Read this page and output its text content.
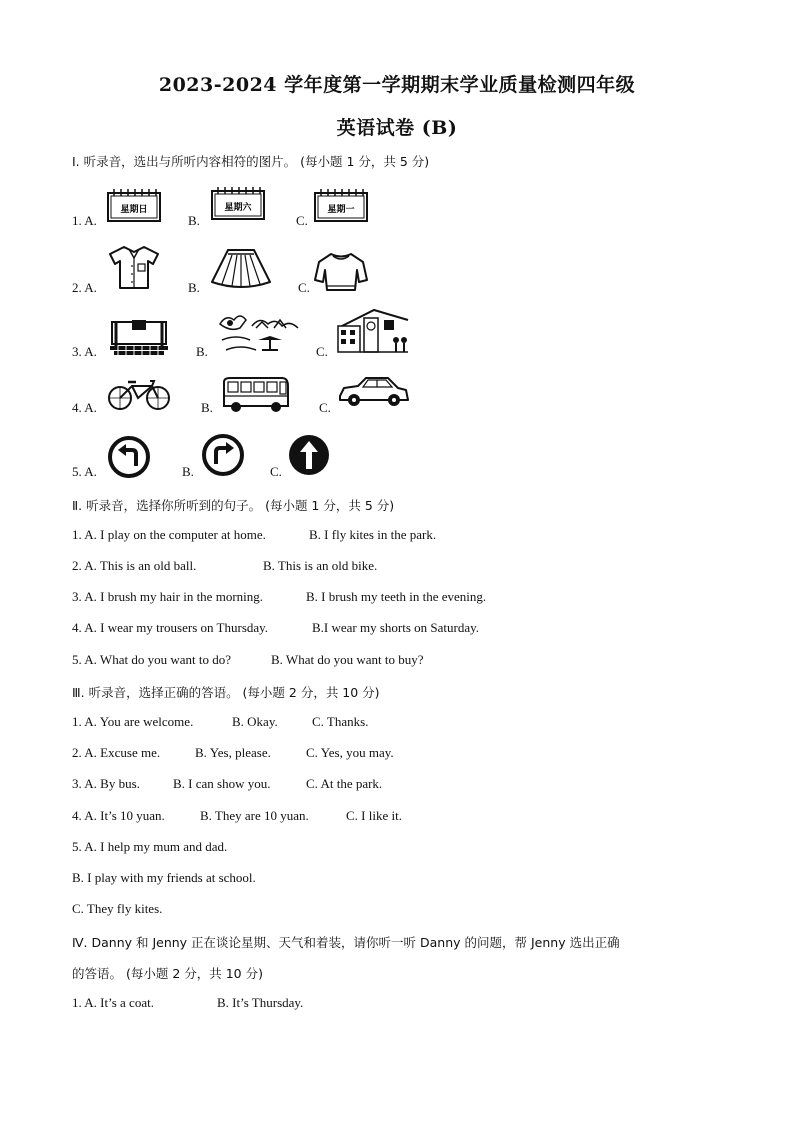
2023-2024 学年度第一学期期末学业质量检测四年级
英语试卷 (B)
Ⅰ. 听录音，选出与所听内容相符的图片。 (每小题 1 分，共 5 分)
1. A.
星期日
B.
星期六
C.
星期一
2. A.	B.	C.
3. A.	B.	C.
4. A.	B.	C.
5. A.	B.	C.
Ⅱ. 听录音，选择你所听到的句子。 (每小题 1 分，共 5 分)
1. A. I play on the computer at home.	B. I fly kites in the park.
2. A. This is an old ball.	B. This is an old bike.
3. A. I brush my hair in the morning.	B. I brush my teeth in the evening.
4. A. I wear my trousers on Thursday.	B.I wear my shorts on Saturday.
5. A. What do you want to do?	B. What do you want to buy?
Ⅲ. 听录音，选择正确的答语。 (每小题 2 分，共 10 分)
1. A. You are welcome.	B. Okay.	C. Thanks.
2. A. Excuse me.	B. Yes, please.	C. Yes, you may.
3. A. By bus.	B. I can show you.	C. At the park.
4. A. It’s 10 yuan.	B. They are 10 yuan.	C. I like it.
5. A. I help my mum and dad.
B. I play with my friends at school.
C. They fly kites.
Ⅳ. Danny 和 Jenny 正在谈论星期、天气和着装，请你听一听 Danny 的问题，帮 Jenny 选出正确
的答语。 (每小题 2 分，共 10 分)
1. A. It’s a coat.	B. It’s Thursday.
